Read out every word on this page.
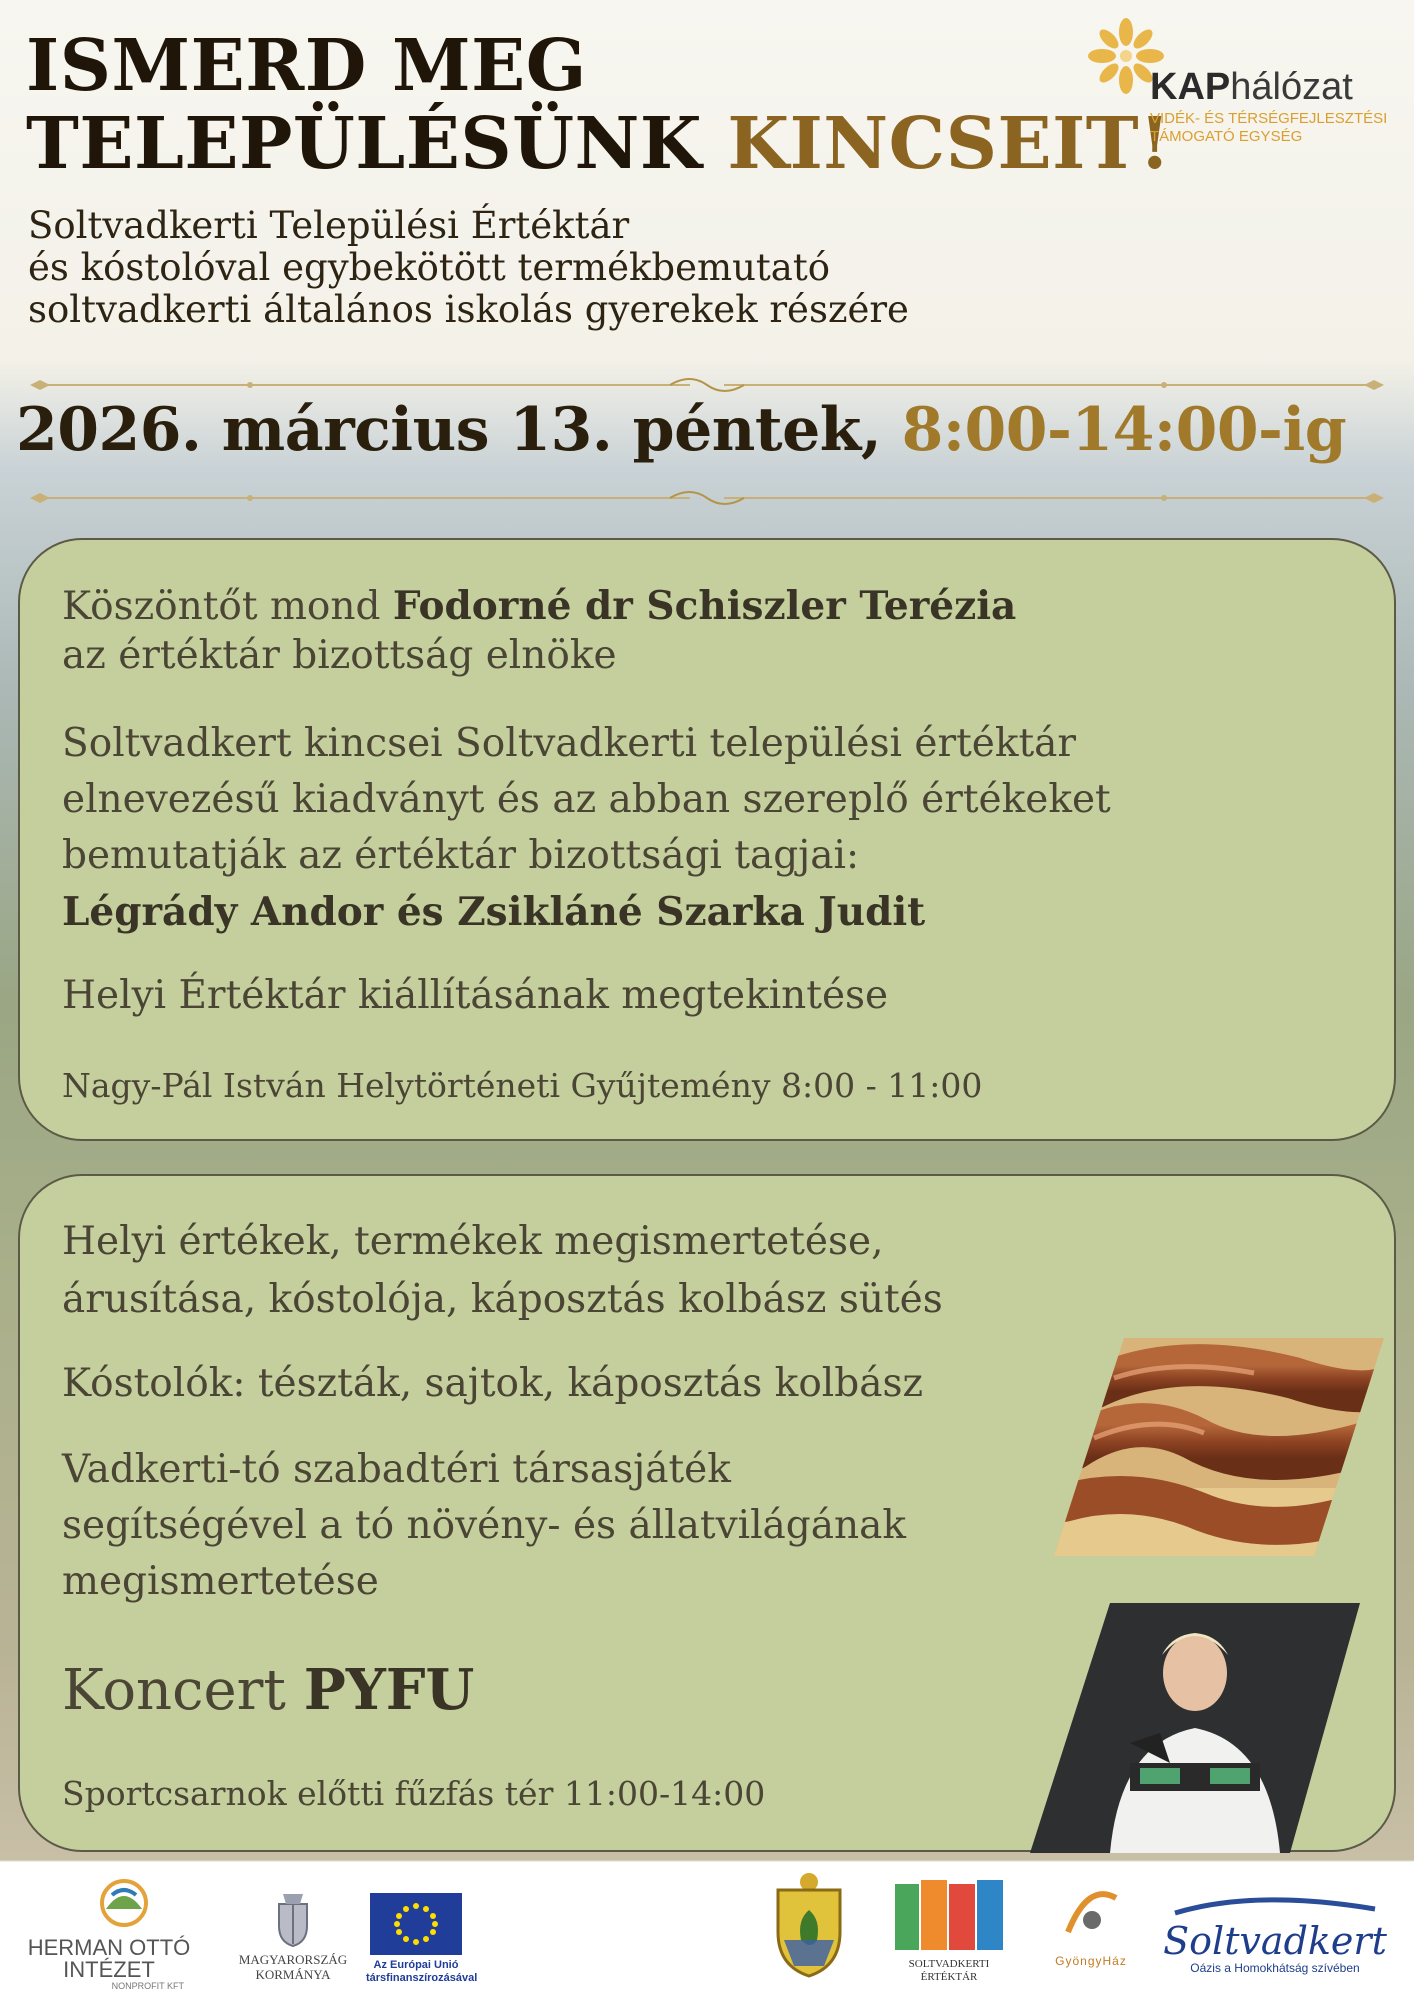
ISMERD MEG
TELEPÜLÉSÜNK KINCSEIT!
Soltvadkerti Települési Értéktár
és kóstolóval egybekötött termékbemutató
soltvadkerti általános iskolás gyerekek részére
KAPhálózat
VIDÉK- ÉS TÉRSÉGFEJLESZTÉSI
TÁMOGATÓ EGYSÉG
2026. március 13. péntek, 8:00-14:00-ig
Köszöntőt mond Fodorné dr Schiszler Terézia
az értéktár bizottság elnöke
Soltvadkert kincsei Soltvadkerti települési értéktár
elnevezésű kiadványt és az abban szereplő értékeket
bemutatják az értéktár bizottsági tagjai:
Légrády Andor és Zsikláné Szarka Judit
Helyi Értéktár kiállításának megtekintése
Nagy-Pál István Helytörténeti Gyűjtemény 8:00 - 11:00
Helyi értékek, termékek megismertetése,
árusítása, kóstolója, káposztás kolbász sütés
Kóstolók: tészták, sajtok, káposztás kolbász
Vadkerti-tó szabadtéri társasjáték
segítségével a tó növény- és állatvilágának
megismertetése
Koncert PYFU
Sportcsarnok előtti fűzfás tér 11:00-14:00
HERMAN OTTÓ
INTÉZET
NONPROFIT KFT
MAGYARORSZÁG
KORMÁNYA
Az Európai Unió
társfinanszírozásával
SOLTVADKERTI
ÉRTÉKTÁR
GyöngyHáz Soltvadkert
Oázis a Homokhátság szívében
